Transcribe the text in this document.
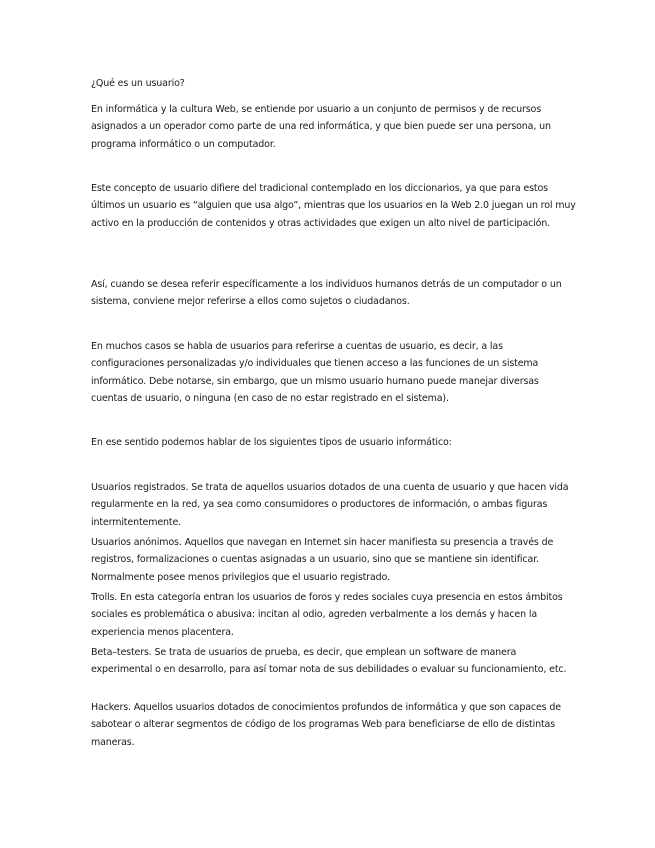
¿Qué es un usuario?

En informática y la cultura Web, se entiende por usuario a un conjunto de permisos y de recursos asignados a un operador como parte de una red informática, y que bien puede ser una persona, un programa informático o un computador.

Este concepto de usuario difiere del tradicional contemplado en los diccionarios, ya que para estos últimos un usuario es “alguien que usa algo”, mientras que los usuarios en la Web 2.0 juegan un rol muy activo en la producción de contenidos y otras actividades que exigen un alto nivel de participación.

Así, cuando se desea referir específicamente a los individuos humanos detrás de un computador o un sistema, conviene mejor referirse a ellos como sujetos o ciudadanos.

En muchos casos se habla de usuarios para referirse a cuentas de usuario, es decir, a las configuraciones personalizadas y/o individuales que tienen acceso a las funciones de un sistema informático. Debe notarse, sin embargo, que un mismo usuario humano puede manejar diversas cuentas de usuario, o ninguna (en caso de no estar registrado en el sistema).

En ese sentido podemos hablar de los siguientes tipos de usuario informático:

Usuarios registrados. Se trata de aquellos usuarios dotados de una cuenta de usuario y que hacen vida regularmente en la red, ya sea como consumidores o productores de información, o ambas figuras intermitentemente.

Usuarios anónimos. Aquellos que navegan en Internet sin hacer manifiesta su presencia a través de registros, formalizaciones o cuentas asignadas a un usuario, sino que se mantiene sin identificar. Normalmente posee menos privilegios que el usuario registrado.

Trolls. En esta categoría entran los usuarios de foros y redes sociales cuya presencia en estos ámbitos sociales es problemática o abusiva: incitan al odio, agreden verbalmente a los demás y hacen la experiencia menos placentera.

Beta–testers. Se trata de usuarios de prueba, es decir, que emplean un software de manera experimental o en desarrollo, para así tomar nota de sus debilidades o evaluar su funcionamiento, etc.

Hackers. Aquellos usuarios dotados de conocimientos profundos de informática y que son capaces de sabotear o alterar segmentos de código de los programas Web para beneficiarse de ello de distintas maneras.
